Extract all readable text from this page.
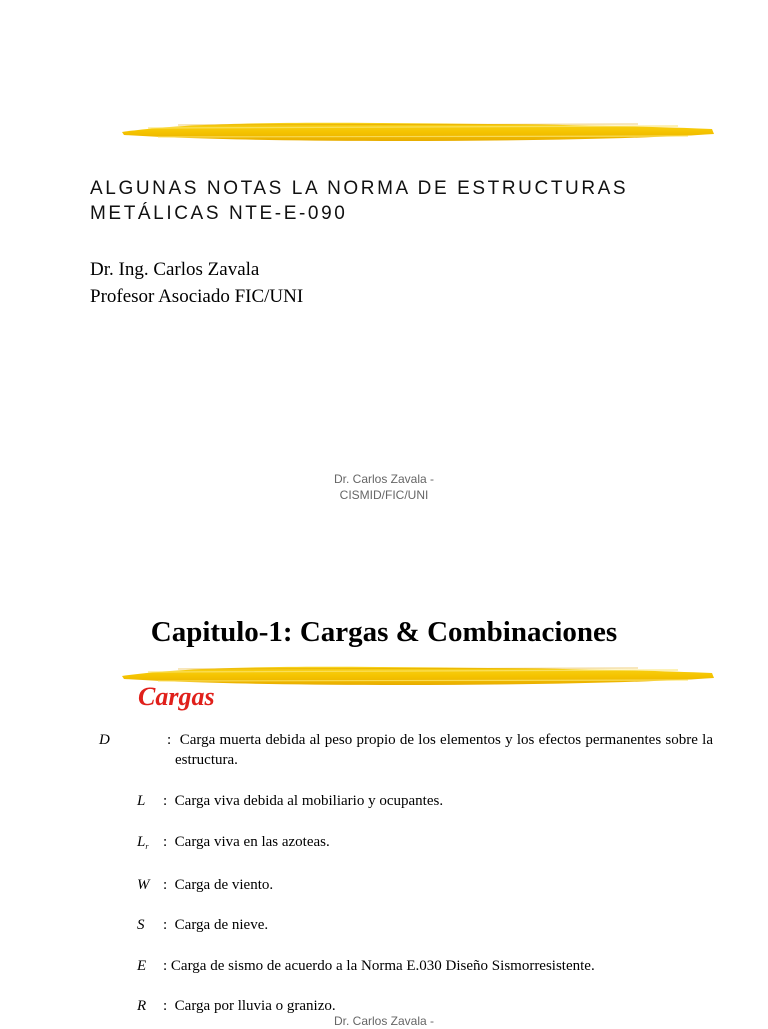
ALGUNAS NOTAS LA NORMA DE ESTRUCTURAS
METÁLICAS NTE-E-090
Dr. Ing. Carlos Zavala
Profesor Asociado FIC/UNI
Dr. Carlos Zavala -
CISMID/FIC/UNI
Capitulo-1: Cargas & Combinaciones
Cargas
D	: Carga muerta debida al peso propio de los elementos y los efectos permanentes sobre la estructura.
L : Carga viva debida al mobiliario y ocupantes.
$L_r$ : Carga viva en las azoteas.
W : Carga de viento.
S : Carga de nieve.
E : Carga de sismo de acuerdo a la Norma E.030 Diseño Sismorresistente.
R : Carga por lluvia o granizo.
Dr. Carlos Zavala -
